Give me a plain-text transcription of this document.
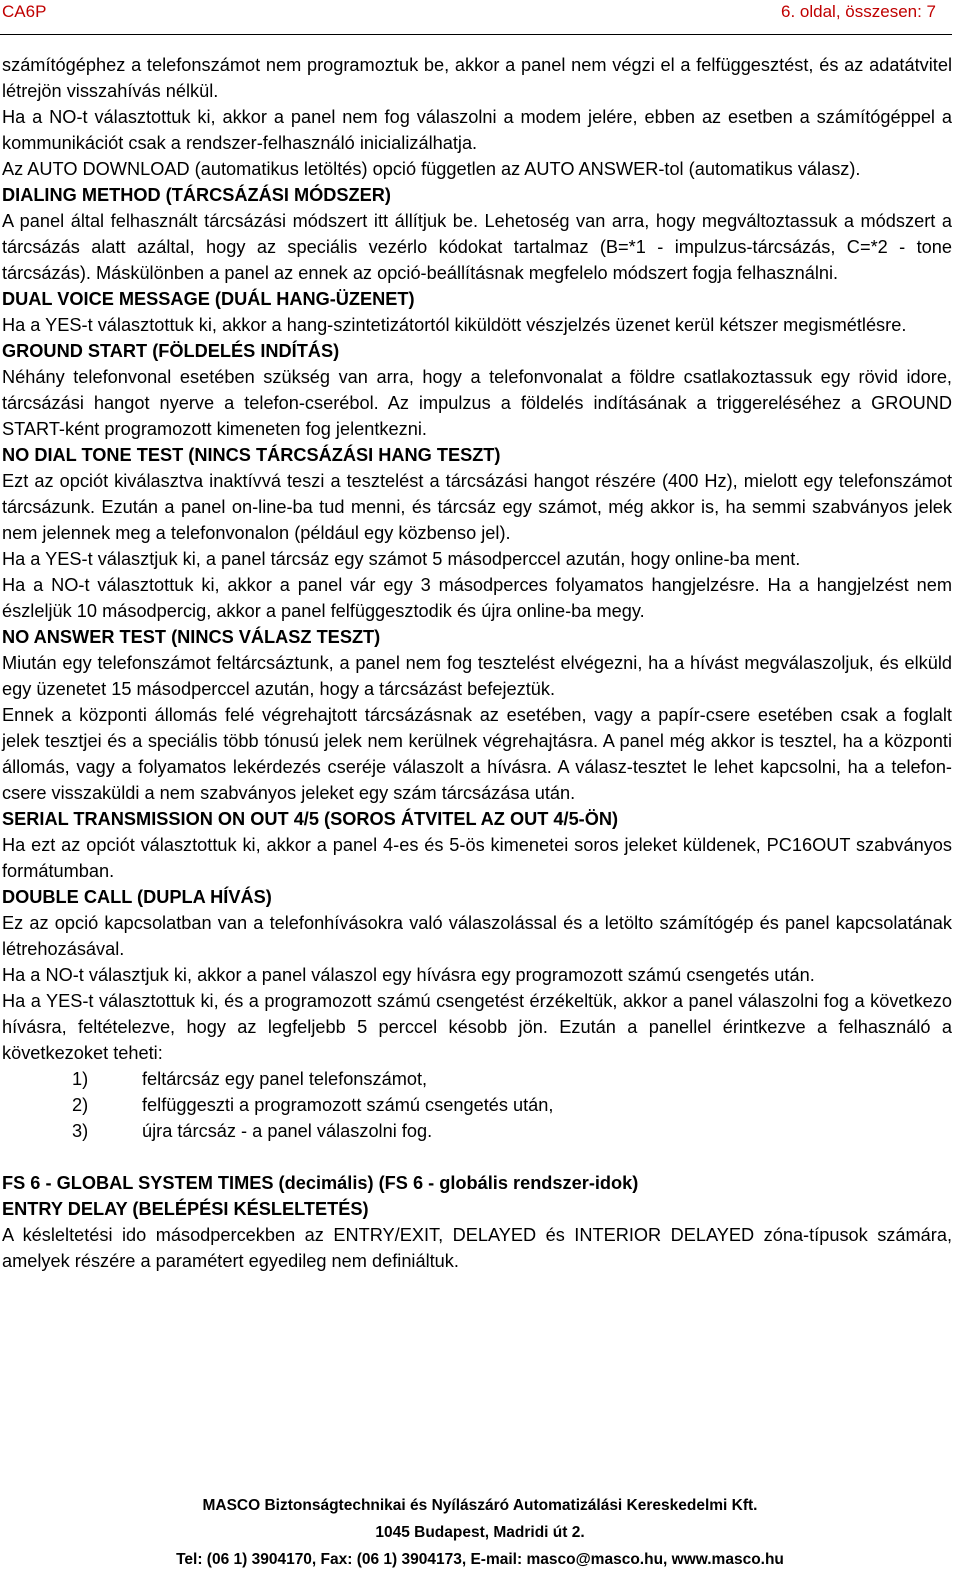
CA6P	6. oldal, összesen: 7

számítógéphez a telefonszámot nem programoztuk be, akkor a panel nem végzi el a felfüggesztést, és az adatátvitel létrejön visszahívás nélkül.

Ha a NO-t választottuk ki, akkor a panel nem fog válaszolni a modem jelére, ebben az esetben a számítógéppel a kommunikációt csak a rendszer-felhasználó inicializálhatja.

Az AUTO DOWNLOAD (automatikus letöltés) opció független az AUTO ANSWER-tol (automatikus válasz).

DIALING METHOD (TÁRCSÁZÁSI MÓDSZER)

A panel által felhasznált tárcsázási módszert itt állítjuk be. Lehetoség van arra, hogy megváltoztassuk a módszert a tárcsázás alatt azáltal, hogy az speciális vezérlo kódokat tartalmaz (B=*1 - impulzus-tárcsázás, C=*2 - tone tárcsázás). Máskülönben a panel az ennek az opció-beállításnak megfelelo módszert fogja felhasználni.

DUAL VOICE MESSAGE (DUÁL HANG-ÜZENET)

Ha a YES-t választottuk ki, akkor a hang-szintetizátortól kiküldött vészjelzés üzenet kerül kétszer megismétlésre.

GROUND START (FÖLDELÉS INDÍTÁS)

Néhány telefonvonal esetében szükség van arra, hogy a telefonvonalat a földre csatlakoztassuk egy rövid idore, tárcsázási hangot nyerve a telefon-cserébol. Az impulzus a földelés indításának a triggereléséhez a GROUND START-ként programozott kimeneten fog jelentkezni.

NO DIAL TONE TEST (NINCS TÁRCSÁZÁSI HANG TESZT)

Ezt az opciót kiválasztva inaktívvá teszi a tesztelést a tárcsázási hangot részére (400 Hz), mielott egy telefonszámot tárcsázunk. Ezután a panel on-line-ba tud menni, és tárcsáz egy számot, még akkor is, ha semmi szabványos jelek nem jelennek meg a telefonvonalon (például egy közbenso jel).

Ha a YES-t választjuk ki, a panel tárcsáz egy számot 5 másodperccel azután, hogy online-ba ment.

Ha a NO-t választottuk ki, akkor a panel vár egy 3 másodperces folyamatos hangjelzésre. Ha a hangjelzést nem észleljük 10 másodpercig, akkor a panel felfüggesztodik és újra online-ba megy.

NO ANSWER TEST (NINCS VÁLASZ TESZT)

Miután egy telefonszámot feltárcsáztunk, a panel nem fog tesztelést elvégezni, ha a hívást megválaszoljuk, és elküld egy üzenetet 15 másodperccel azután, hogy a tárcsázást befejeztük.

Ennek a központi állomás felé végrehajtott tárcsázásnak az esetében, vagy a papír-csere esetében csak a foglalt jelek tesztjei és a speciális több tónusú jelek nem kerülnek végrehajtásra. A panel még akkor is tesztel, ha a központi állomás, vagy a folyamatos lekérdezés cseréje válaszolt a hívásra. A válasz-tesztet le lehet kapcsolni, ha a telefon-csere visszaküldi a nem szabványos jeleket egy szám tárcsázása után.

SERIAL TRANSMISSION ON OUT 4/5 (SOROS ÁTVITEL AZ OUT 4/5-ÖN)

Ha ezt az opciót választottuk ki, akkor a panel 4-es és 5-ös kimenetei soros jeleket küldenek, PC16OUT szabványos formátumban.

DOUBLE CALL (DUPLA HÍVÁS)

Ez az opció kapcsolatban van a telefonhívásokra való válaszolással és a letölto számítógép és panel kapcsolatának létrehozásával.

Ha a NO-t választjuk ki, akkor a panel válaszol egy hívásra egy programozott számú csengetés után.

Ha a YES-t választottuk ki, és a programozott számú csengetést érzékeltük, akkor a panel válaszolni fog a következo hívásra, feltételezve, hogy az legfeljebb 5 perccel késobb jön. Ezután a panellel érintkezve a felhasználó a következoket teheti:

1)	feltárcsáz egy panel telefonszámot,
2)	felfüggeszti a programozott számú csengetés után,
3)	újra tárcsáz - a panel válaszolni fog.
FS 6 - GLOBAL SYSTEM TIMES (decimális) (FS 6 - globális rendszer-idok)
ENTRY DELAY (BELÉPÉSI KÉSLELTETÉS)

A késleltetési ido másodpercekben az ENTRY/EXIT, DELAYED és INTERIOR DELAYED zóna-típusok számára, amelyek részére a paramétert egyedileg nem definiáltuk.

MASCO Biztonságtechnikai és Nyílászáró Automatizálási Kereskedelmi Kft.
1045 Budapest, Madridi út 2.
Tel: (06 1) 3904170, Fax: (06 1) 3904173, E-mail: masco@masco.hu, www.masco.hu
